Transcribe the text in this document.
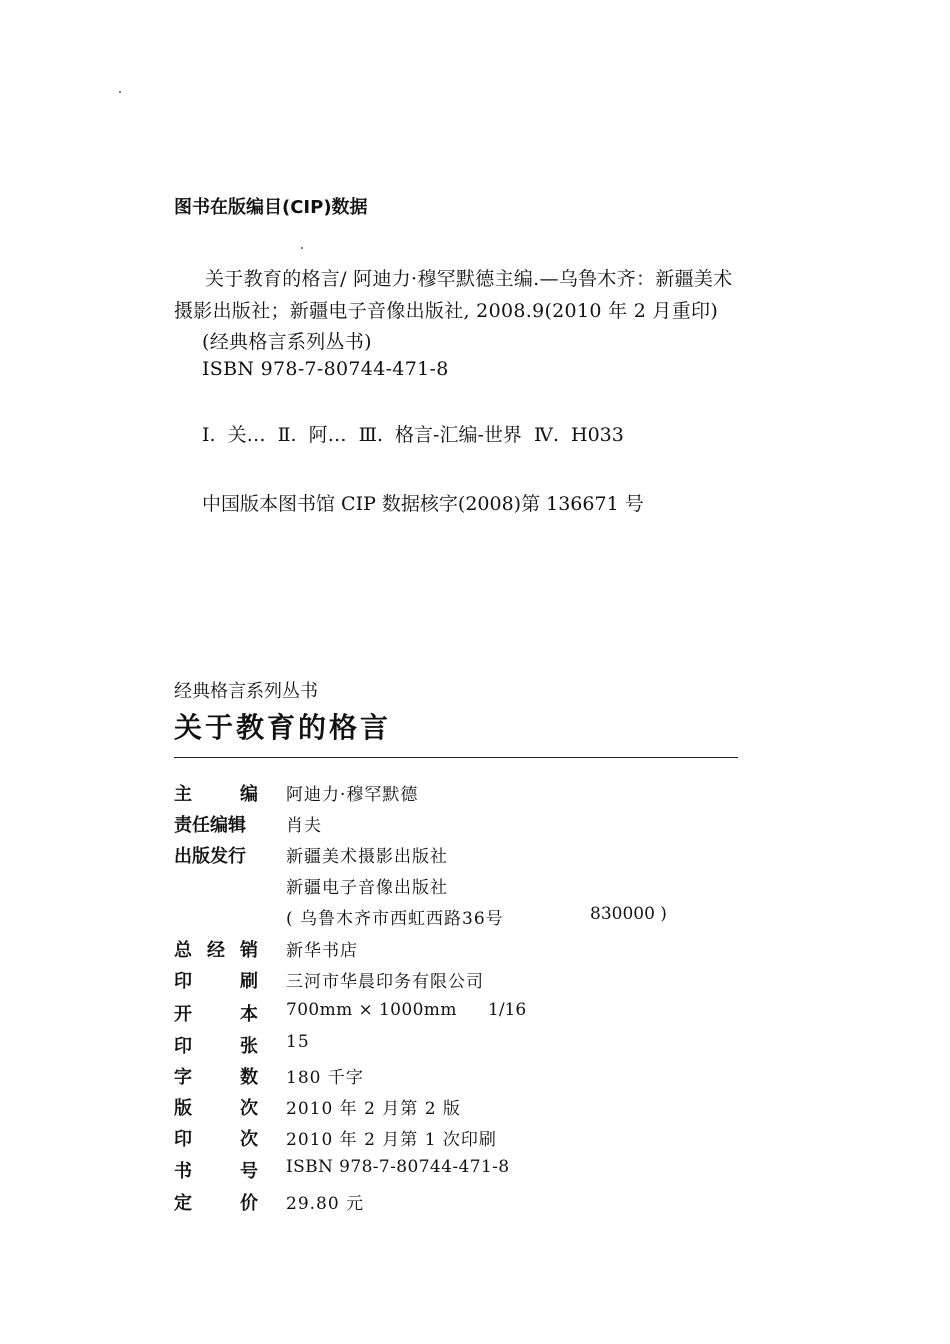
图书在版编目(CIP)数据
关于教育的格言/ 阿迪力·穆罕默德主编.—乌鲁木齐：新疆美术
摄影出版社；新疆电子音像出版社, 2008.9(2010 年 2 月重印)
(经典格言系列丛书)
ISBN 978-7-80744-471-8
Ⅰ. 关… Ⅱ. 阿… Ⅲ. 格言-汇编-世界 Ⅳ. H033
中国版本图书馆 CIP 数据核字(2008)第 136671 号
经典格言系列丛书
关于教育的格言
主	编 阿迪力·穆罕默德
责任编辑 肖夫
出版发行 新疆美术摄影出版社
新疆电子音像出版社
( 乌鲁木齐市西虹西路36号	830000 )
总 经 销 新华书店
印	刷 三河市华晨印务有限公司
开	本 700mm × 1000mm 1/16
印	张 15
字	数 180 千字
版	次 2010 年 2 月第 2 版
印	次 2010 年 2 月第 1 次印刷
书	号 ISBN 978-7-80744-471-8
定	价 29.80 元
